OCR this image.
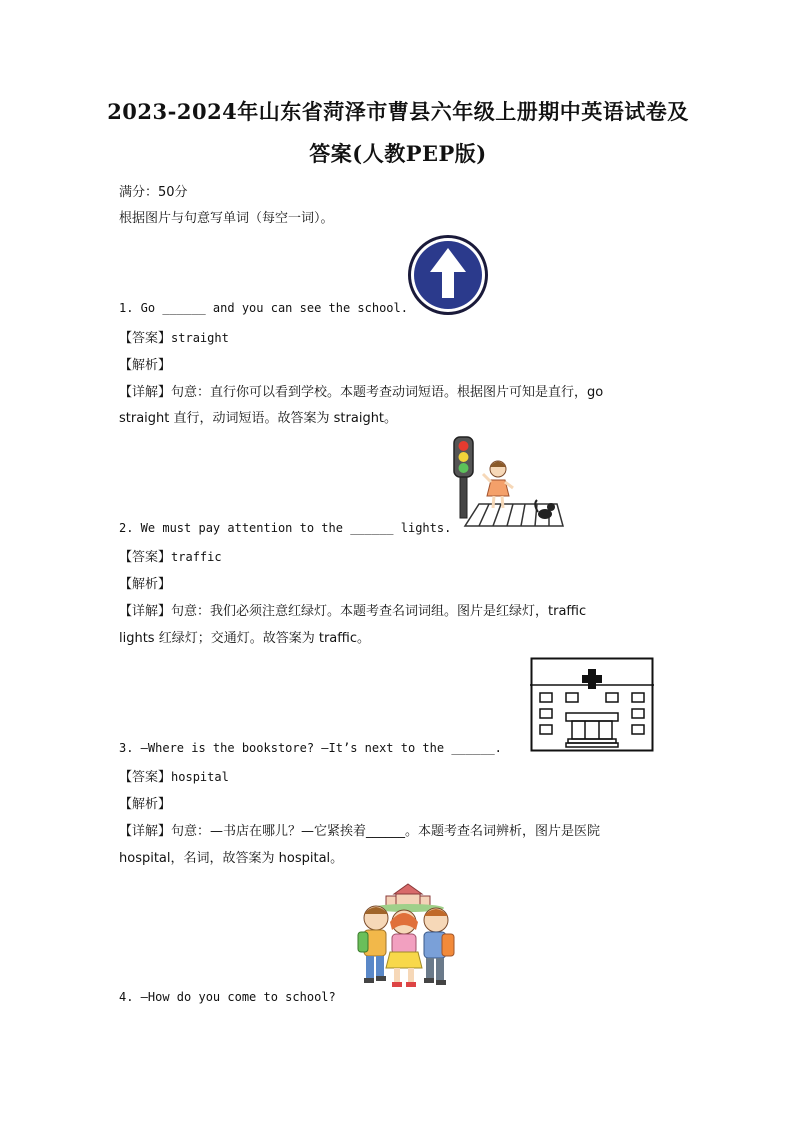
2023-2024年山东省菏泽市曹县六年级上册期中英语试卷及
答案(人教PEP版)
满分：50分
根据图片与句意写单词（每空一词）。
1. Go ______ and you can see the school.
【答案】straight
【解析】
【详解】句意：直行你可以看到学校。本题考查动词短语。根据图片可知是直行，go
straight 直行，动词短语。故答案为 straight。
2. We must pay attention to the ______ lights.
【答案】traffic
【解析】
【详解】句意：我们必须注意红绿灯。本题考查名词词组。图片是红绿灯，traffic
lights 红绿灯；交通灯。故答案为 traffic。
3. —Where is the bookstore? —It’s next to the ______.
【答案】hospital
【解析】
【详解】句意：—书店在哪儿？—它紧挨着______。本题考查名词辨析，图片是医院
hospital，名词，故答案为 hospital。
4. —How do you come to school?
